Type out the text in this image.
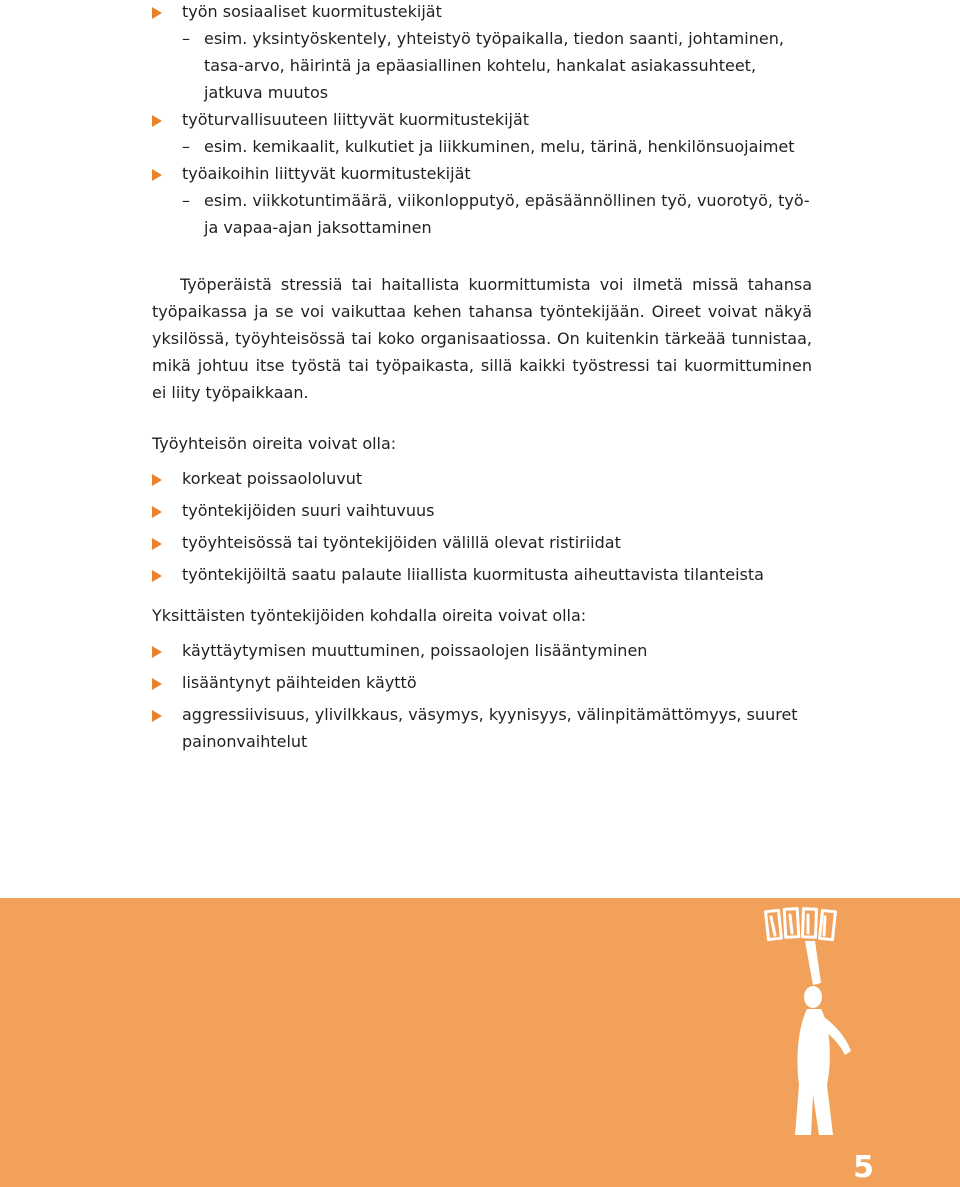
työn sosiaaliset kuormitustekijät
– esim. yksintyöskentely, yhteistyö työpaikalla, tiedon saanti, johtaminen, tasa-arvo, häirintä ja epäasiallinen kohtelu, hankalat asiakassuhteet, jatkuva muutos
työturvallisuuteen liittyvät kuormitustekijät
– esim. kemikaalit, kulkutiet ja liikkuminen, melu, tärinä, henkilönsuojaimet
työaikoihin liittyvät kuormitustekijät
– esim. viikkotuntimäärä, viikonlopputyö, epäsäännöllinen työ, vuorotyö, työ- ja vapaa-ajan jaksottaminen

Työperäistä stressiä tai haitallista kuormittumista voi ilmetä missä tahansa työpaikassa ja se voi vaikuttaa kehen tahansa työntekijään. Oireet voivat näkyä yksilössä, työyhteisössä tai koko organisaatiossa. On kuitenkin tärkeää tunnistaa, mikä johtuu itse työstä tai työpaikasta, sillä kaikki työstressi tai kuormittuminen ei liity työpaikkaan.

Työyhteisön oireita voivat olla:

korkeat poissaololuvut
työntekijöiden suuri vaihtuvuus
työyhteisössä tai työntekijöiden välillä olevat ristiriidat
työntekijöiltä saatu palaute liiallista kuormitusta aiheuttavista tilanteista

Yksittäisten työntekijöiden kohdalla oireita voivat olla:

käyttäytymisen muuttuminen, poissaolojen lisääntyminen
lisääntynyt päihteiden käyttö
aggressiivisuus, ylivilkkaus, väsymys, kyynisyys, välinpitämättömyys, suuret painonvaihtelut
5
